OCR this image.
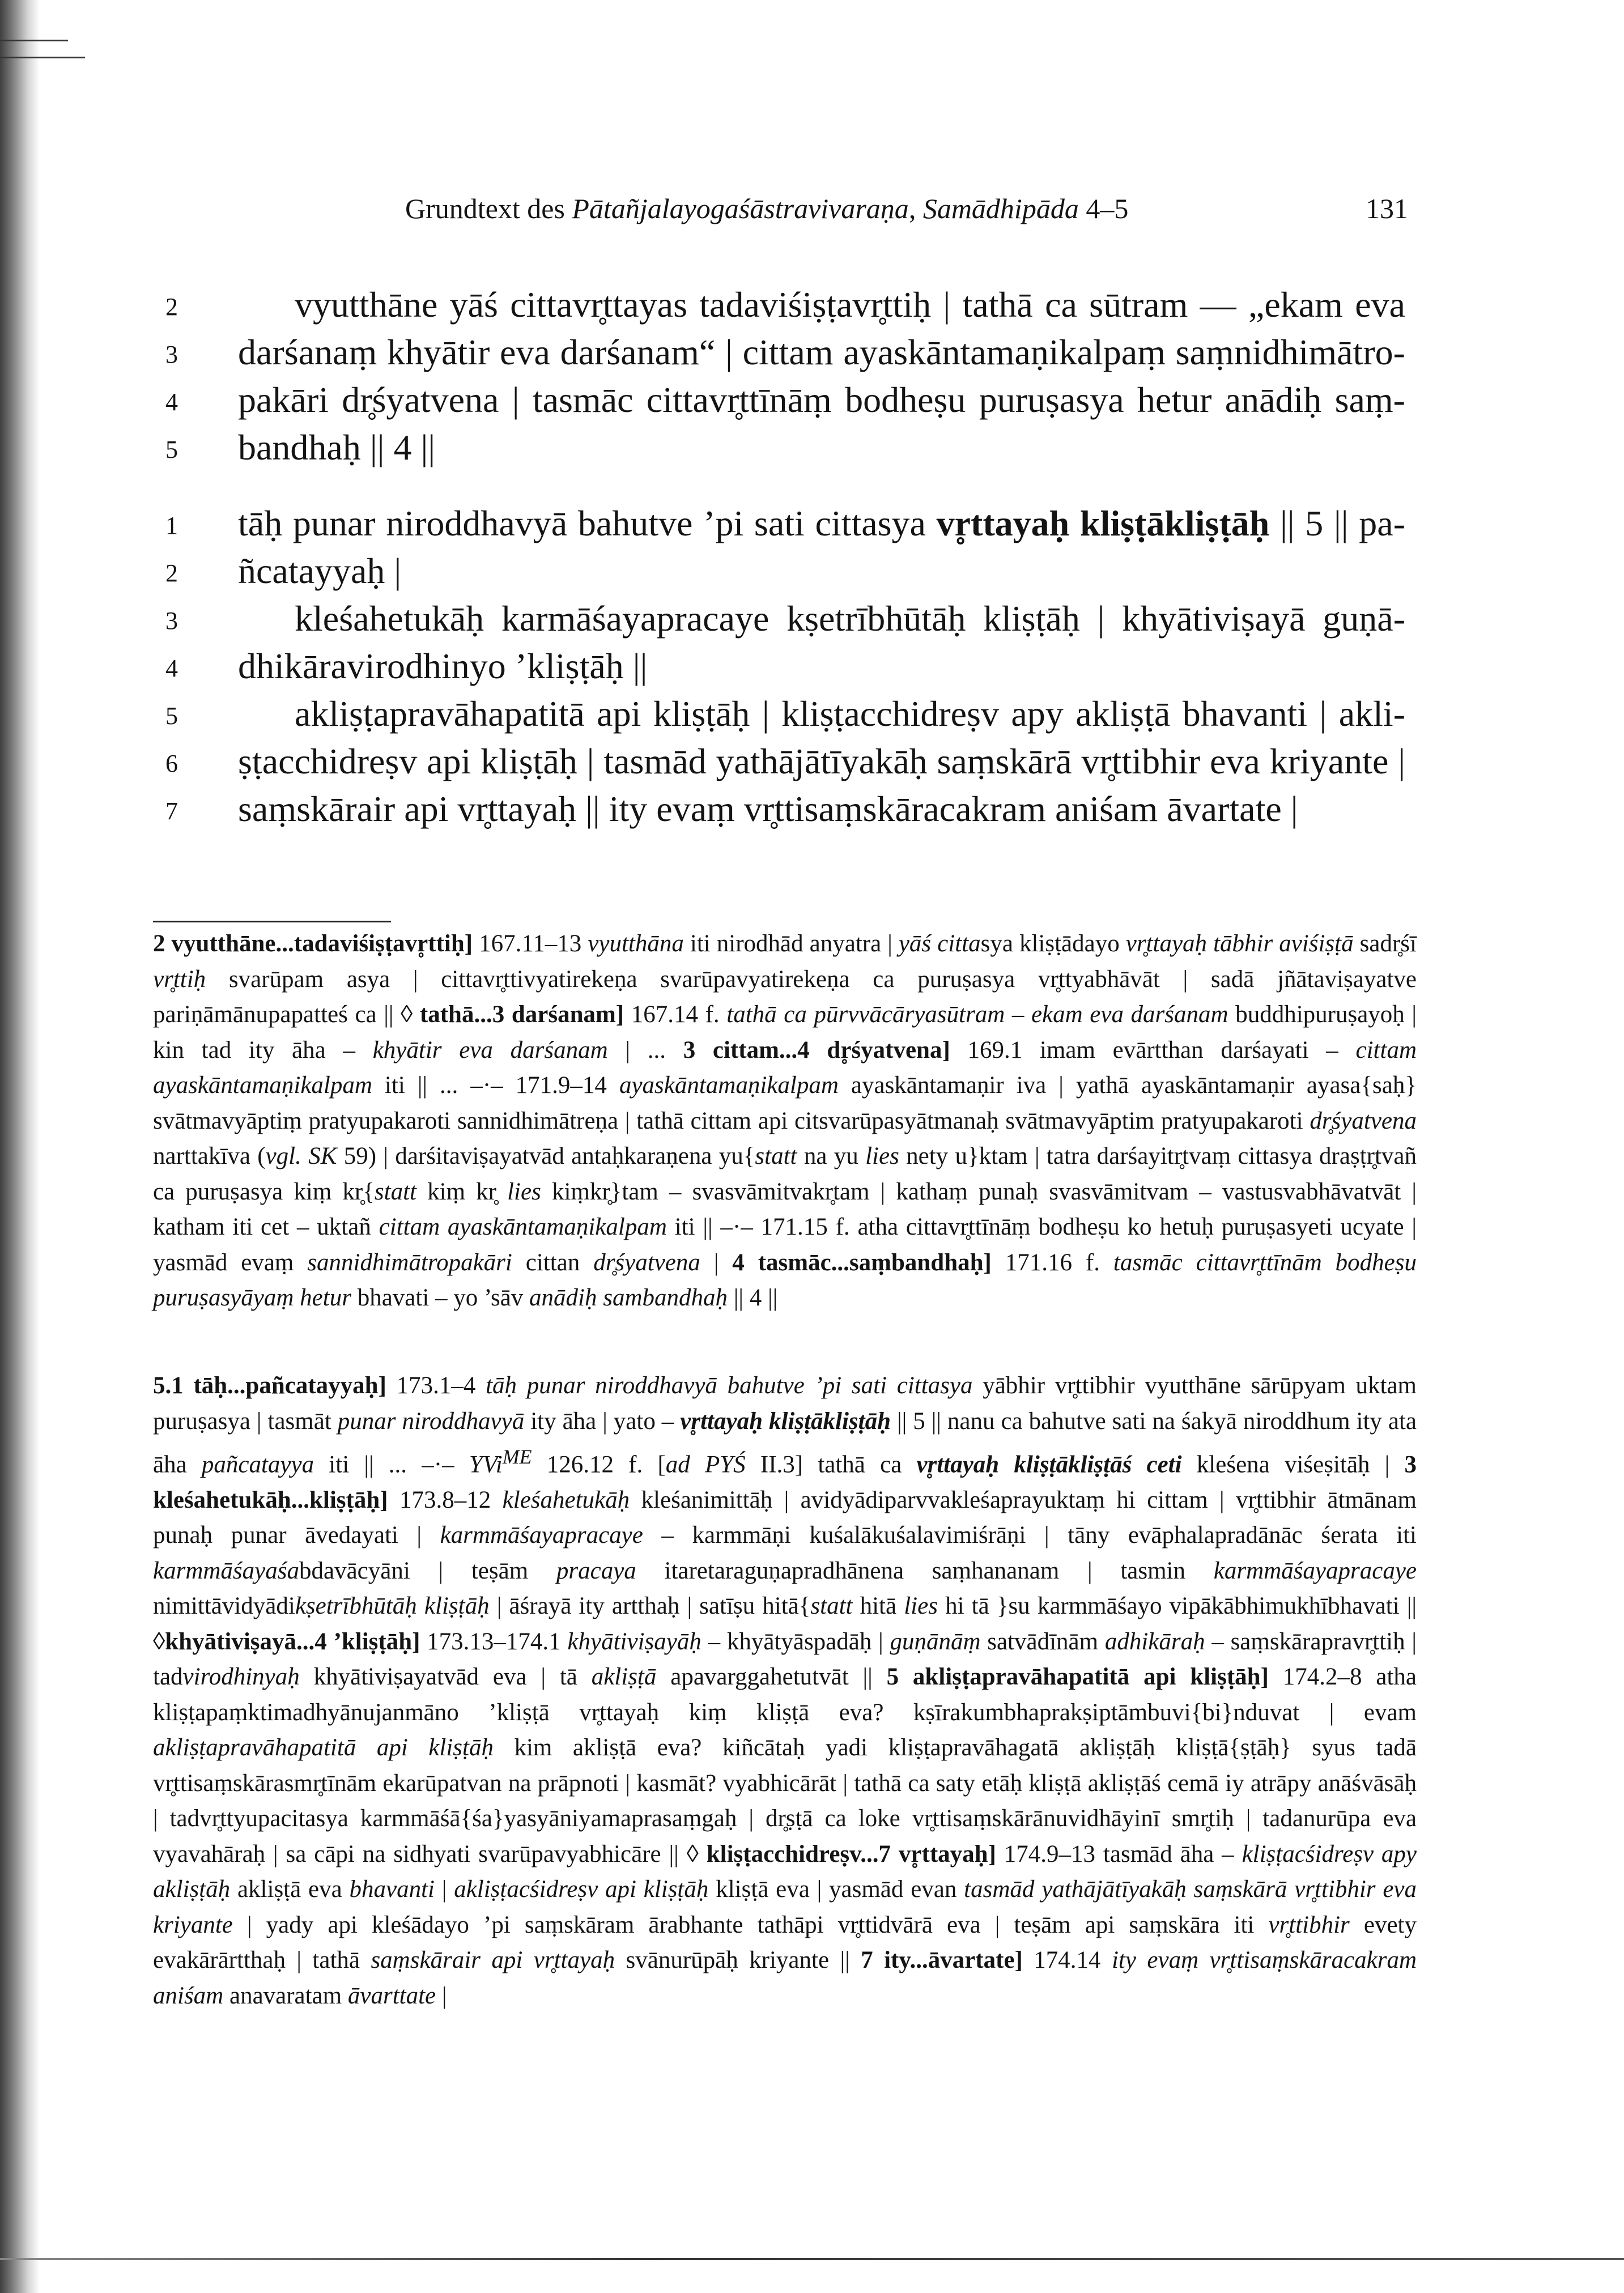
Grundtext des Pātañjalayogaśāstravivaraṇa, Samādhipāda 4–5	131
2	vyutthāne yāś cittavr̥ttayas tadaviśiṣṭavr̥ttiḥ | tathā ca sūtram — „ekam eva
3 darśanaṃ khyātir eva darśanam“ | cittam ayaskāntamaṇikalpaṃ saṃnidhimātro-
4 pakāri dr̥śyatvena | tasmāc cittavr̥ttīnāṃ bodheṣu puruṣasya hetur anādiḥ saṃ-
5 bandhaḥ || 4 ||
1 tāḥ punar niroddhavyā bahutve ’pi sati cittasya vr̥ttayaḥ kliṣṭākliṣṭāḥ || 5 || pa-
2 ñcatayyaḥ |
3	kleśahetukāḥ karmāśayapracaye kṣetrībhūtāḥ kliṣṭāḥ | khyātiviṣayā guṇā-
4 dhikāravirodhinyo ’kliṣṭāḥ ||
5	akliṣṭapravāhapatitā api kliṣṭāḥ | kliṣṭacchidreṣv apy akliṣṭā bhavanti | akli-
6 ṣṭacchidreṣv api kliṣṭāḥ | tasmād yathājātīyakāḥ saṃskārā vr̥ttibhir eva kriyante |
7 saṃskārair api vr̥ttayaḥ || ity evaṃ vr̥ttisaṃskāracakram aniśam āvartate |

2 vyutthāne...tadaviśiṣṭavr̥ttiḥ] 167.11–13 vyutthāna iti nirodhād anyatra | yāś cittasya kliṣṭādayo vr̥ttayaḥ tābhir aviśiṣṭā sadr̥śī vr̥ttiḥ svarūpam asya | cittavr̥ttivyatirekeṇa svarūpavyatirekeṇa ca puruṣasya vr̥ttyabhāvāt | sadā jñātaviṣayatve pariṇāmānupapatteś ca || ◊ tathā...3 darśanam] 167.14 f. tathā ca pūrvvācāryasūtram – ekam eva darśanam buddhipuruṣayoḥ | kin tad ity āha – khyātir eva darśanam | ... 3 cittam...4 dr̥śyatvena] 169.1 imam evārtthan darśayati – cittam ayaskāntamaṇikalpam iti || ... –·– 171.9–14 ayaskāntamaṇikalpam ayaskāntamaṇir iva | yathā ayaskāntamaṇir ayasa{saḥ} svātmavyāptiṃ pratyupakaroti sannidhimātreṇa | tathā cittam api citsvarūpasyātmanaḥ svātmavyāptim pratyupakaroti dr̥śyatvena narttakīva (vgl. SK 59) | darśitaviṣayatvād antaḥkaraṇena yu{statt na yu lies nety u}ktam | tatra darśayitr̥tvaṃ cittasya draṣṭr̥tvañ ca puruṣasya kiṃ kr̥{statt kiṃ kr̥ lies kiṃkr̥}tam – svasvāmitvakr̥tam | kathaṃ punaḥ svasvāmitvam – vastusvabhāvatvāt | katham iti cet – uktañ cittam ayaskāntamaṇikalpam iti || –·– 171.15 f. atha cittavr̥ttīnāṃ bodheṣu ko hetuḥ puruṣasyeti ucyate | yasmād evaṃ sannidhimātropakāri cittan dr̥śyatvena | 4 tasmāc...saṃbandhaḥ] 171.16 f. tasmāc cittavr̥ttīnām bodheṣu puruṣasyāyaṃ hetur bhavati – yo ’sāv anādiḥ sambandhaḥ || 4 ||

5.1 tāḥ...pañcatayyaḥ] 173.1–4 tāḥ punar niroddhavyā bahutve ’pi sati cittasya yābhir vr̥ttibhir vyutthāne sārūpyam uktam puruṣasya | tasmāt punar niroddhavyā ity āha | yato – vr̥ttayaḥ kliṣṭākliṣṭāḥ || 5 || nanu ca bahutve sati na śakyā niroddhum ity ata āha pañcatayya iti || ... –·– YVi$^{ME}$ 126.12 f. [ad PYŚ II.3] tathā ca vr̥ttayaḥ kliṣṭākliṣṭāś ceti kleśena viśeṣitāḥ | 3 kleśahetukāḥ...kliṣṭāḥ] 173.8–12 kleśahetukāḥ kleśanimittāḥ | avidyādiparvvakleśaprayuktaṃ hi cittam | vr̥ttibhir ātmānam punaḥ punar āvedayati | karmmāśayapracaye – karmmāṇi kuśalākuśalavimiśrāṇi | tāny evāphalapradānāc śerata iti karmmāśayaśabdavācyāni | teṣām pracaya itaretaraguṇapradhānena saṃhananam | tasmin karmmāśayapracaye nimittāvidyādikṣetrībhūtāḥ kliṣṭāḥ | āśrayā ity artthaḥ | satīṣu hitā{statt hitā lies hi tā }su karmmāśayo vipākābhimukhībhavati || ◊khyātiviṣayā...4 ’kliṣṭāḥ] 173.13–174.1 khyātiviṣayāḥ – khyātyāspadāḥ | guṇānāṃ satvādīnām adhikāraḥ – saṃskārapravr̥ttiḥ | tadvirodhinyaḥ khyātiviṣayatvād eva | tā akliṣṭā apavarggahetutvāt || 5 akliṣṭapravāhapatitā api kliṣṭāḥ] 174.2–8 atha kliṣṭapaṃktimadhyānujanmāno ’kliṣṭā vr̥ttayaḥ kiṃ kliṣṭā eva? kṣīrakumbhaprakṣiptāmbuvi{bi}nduvat | evam akliṣṭapravāhapatitā api kliṣṭāḥ kim akliṣṭā eva? kiñcātaḥ yadi kliṣṭapravāhagatā akliṣṭāḥ kliṣṭā{ṣṭāḥ} syus tadā vr̥ttisaṃskārasmr̥tīnām ekarūpatvan na prāpnoti | kasmāt? vyabhicārāt | tathā ca saty etāḥ kliṣṭā akliṣṭāś cemā iy atrāpy anāśvāsāḥ | tadvr̥ttyupacitasya karmmāśā{śa}yasyāniyamaprasaṃgaḥ | dr̥ṣṭā ca loke vr̥ttisaṃskārānuvidhāyinī smr̥tiḥ | tadanurūpa eva vyavahāraḥ | sa cāpi na sidhyati svarūpavyabhicāre || ◊ kliṣṭacchidreṣv...7 vr̥ttayaḥ] 174.9–13 tasmād āha – kliṣṭacśidreṣv apy akliṣṭāḥ akliṣṭā eva bhavanti | akliṣṭacśidreṣv api kliṣṭāḥ kliṣṭā eva | yasmād evan tasmād yathājātīyakāḥ saṃskārā vr̥ttibhir eva kriyante | yady api kleśādayo ’pi saṃskāram ārabhante tathāpi vr̥ttidvārā eva | teṣām api saṃskāra iti vr̥ttibhir evety evakārārtthaḥ | tathā saṃskārair api vr̥ttayaḥ svānurūpāḥ kriyante || 7 ity...āvartate] 174.14 ity evaṃ vr̥ttisaṃskāracakram aniśam anavaratam āvarttate |
